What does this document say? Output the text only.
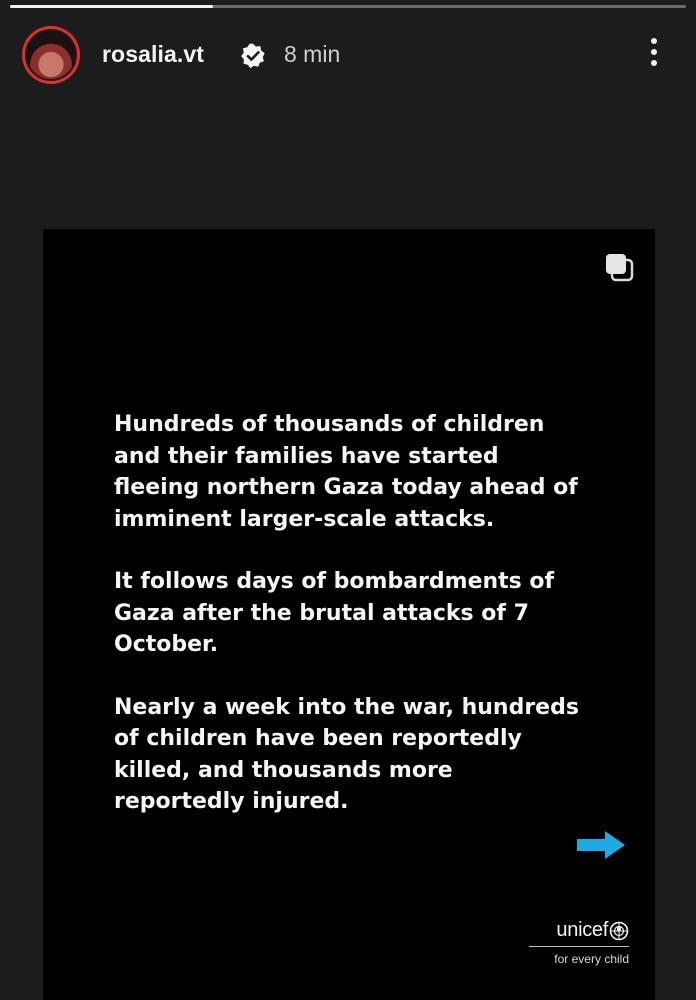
rosalia.vt	8 min

Hundreds of thousands of children and their families have started fleeing northern Gaza today ahead of imminent larger-scale attacks.

It follows days of bombardments of Gaza after the brutal attacks of 7 October.

Nearly a week into the war, hundreds of children have been reportedly killed, and thousands more reportedly injured.

unicef
for every child
